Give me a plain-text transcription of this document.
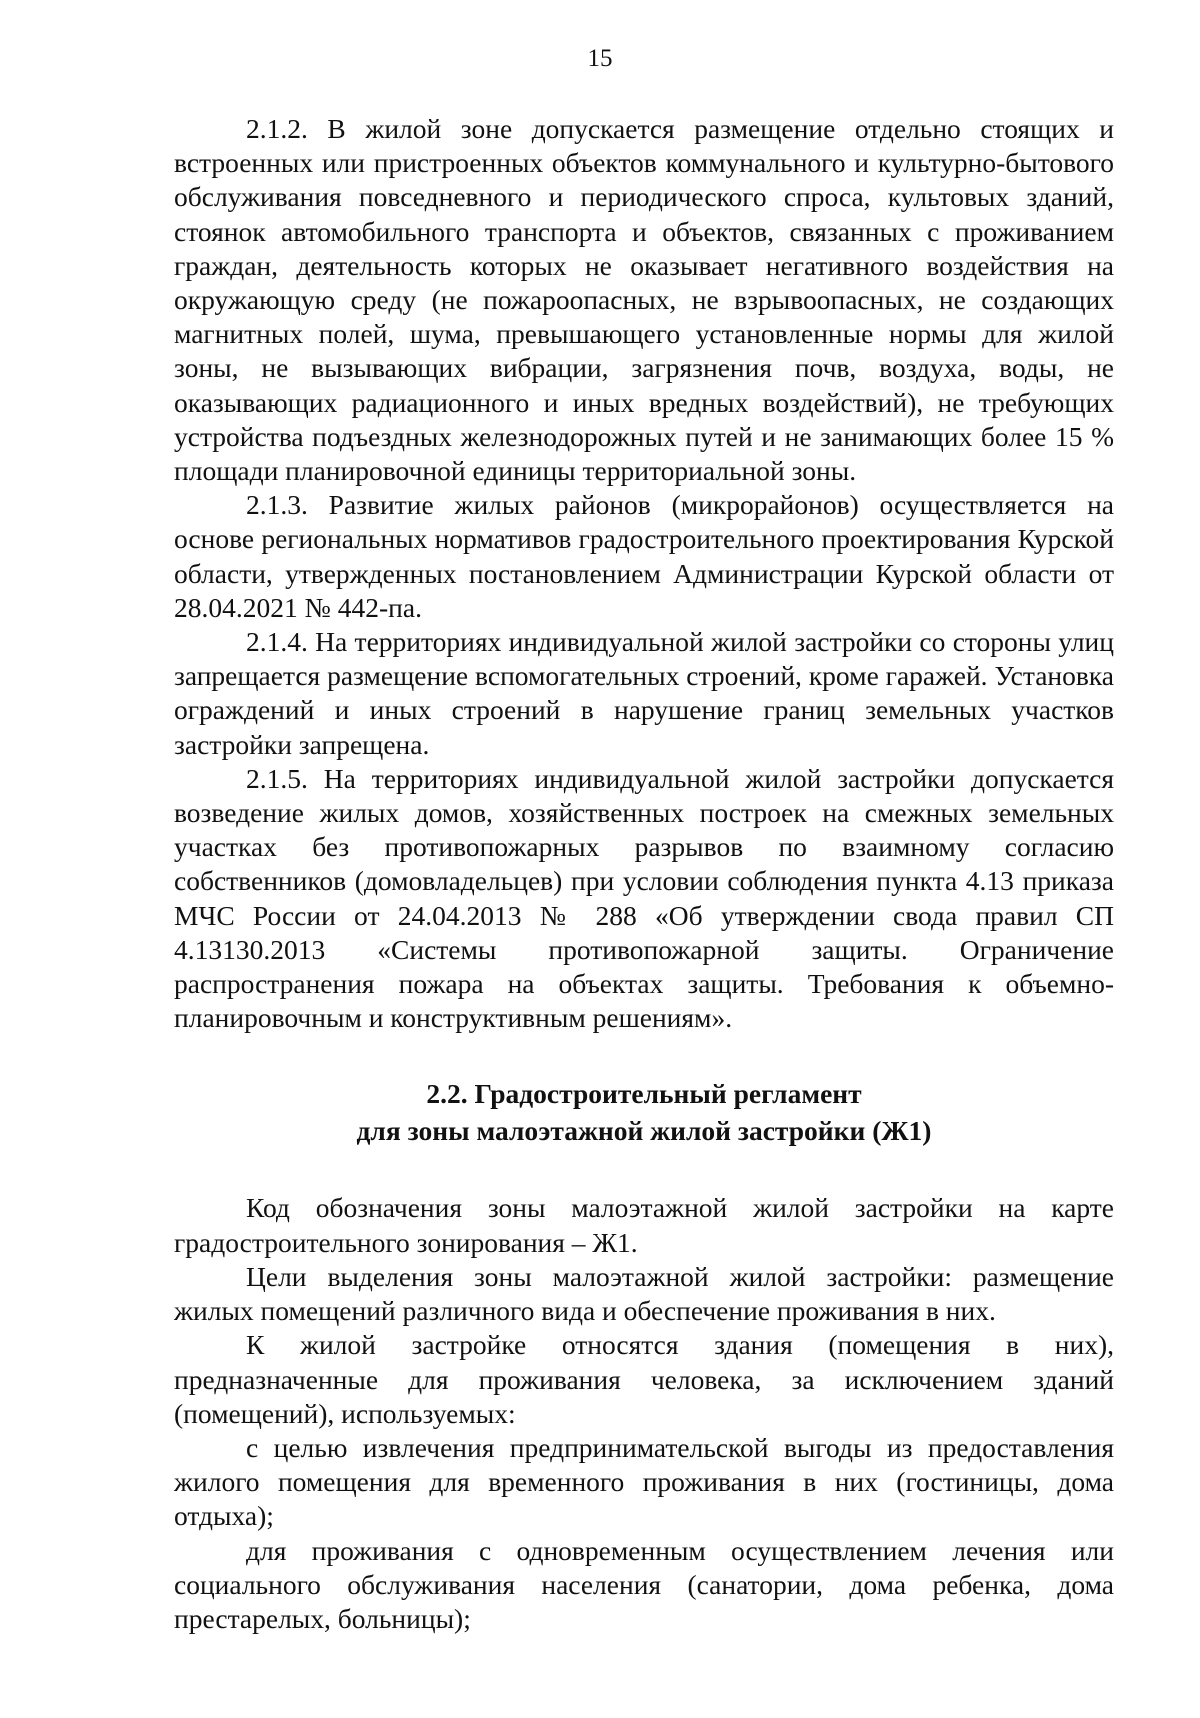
15

2.1.2. В жилой зоне допускается размещение отдельно стоящих и встроенных или пристроенных объектов коммунального и культурно-бытового обслуживания повседневного и периодического спроса, культовых зданий, стоянок автомобильного транспорта и объектов, связанных с проживанием граждан, деятельность которых не оказывает негативного воздействия на окружающую среду (не пожароопасных, не взрывоопасных, не создающих магнитных полей, шума, превышающего установленные нормы для жилой зоны, не вызывающих вибрации, загрязнения почв, воздуха, воды, не оказывающих радиационного и иных вредных воздействий), не требующих устройства подъездных железнодорожных путей и не занимающих более 15 % площади планировочной единицы территориальной зоны.

2.1.3. Развитие жилых районов (микрорайонов) осуществляется на основе региональных нормативов градостроительного проектирования Курской области, утвержденных постановлением Администрации Курской области от 28.04.2021 № 442-па.

2.1.4. На территориях индивидуальной жилой застройки со стороны улиц запрещается размещение вспомогательных строений, кроме гаражей. Установка ограждений и иных строений в нарушение границ земельных участков застройки запрещена.

2.1.5. На территориях индивидуальной жилой застройки допускается возведение жилых домов, хозяйственных построек на смежных земельных участках без противопожарных разрывов по взаимному согласию собственников (домовладельцев) при условии соблюдения пункта 4.13 приказа МЧС России от 24.04.2013 № 288 «Об утверждении свода правил СП 4.13130.2013 «Системы противопожарной защиты. Ограничение распространения пожара на объектах защиты. Требования к объемно-планировочным и конструктивным решениям».

2.2. Градостроительный регламент
для зоны малоэтажной жилой застройки (Ж1)

Код обозначения зоны малоэтажной жилой застройки на карте градостроительного зонирования – Ж1.

Цели выделения зоны малоэтажной жилой застройки: размещение жилых помещений различного вида и обеспечение проживания в них.

К жилой застройке относятся здания (помещения в них), предназначенные для проживания человека, за исключением зданий (помещений), используемых:

с целью извлечения предпринимательской выгоды из предоставления жилого помещения для временного проживания в них (гостиницы, дома отдыха);

для проживания с одновременным осуществлением лечения или социального обслуживания населения (санатории, дома ребенка, дома престарелых, больницы);
